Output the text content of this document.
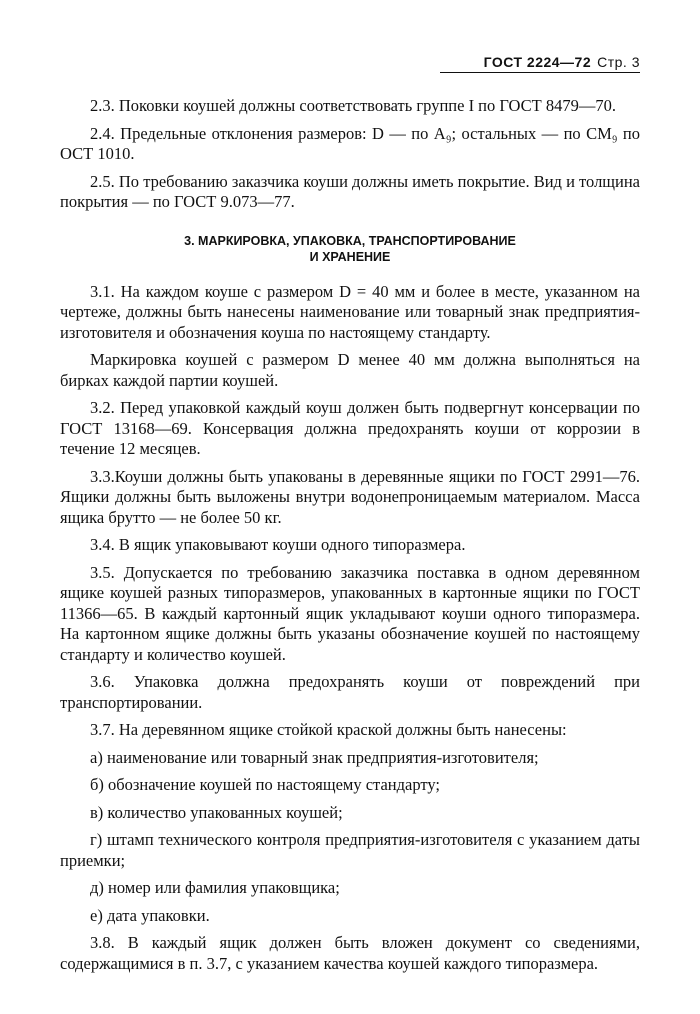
ГОСТ 2224—72 Стр. 3

2.3. Поковки коушей должны соответствовать группе I по ГОСТ 8479—70.

2.4. Предельные отклонения размеров: D — по A₉; остальных — по CM₉ по ОСТ 1010.

2.5. По требованию заказчика коуши должны иметь покрытие. Вид и толщина покрытия — по ГОСТ 9.073—77.

3. МАРКИРОВКА, УПАКОВКА, ТРАНСПОРТИРОВАНИЕ
И ХРАНЕНИЕ

3.1. На каждом коуше с размером D = 40 мм и более в месте, указанном на чертеже, должны быть нанесены наименование или товарный знак предприятия-изготовителя и обозначения коуша по настоящему стандарту.

Маркировка коушей с размером D менее 40 мм должна выполняться на бирках каждой партии коушей.

3.2. Перед упаковкой каждый коуш должен быть подвергнут консервации по ГОСТ 13168—69. Консервация должна предохранять коуши от коррозии в течение 12 месяцев.

3.3.Коуши должны быть упакованы в деревянные ящики по ГОСТ 2991—76. Ящики должны быть выложены внутри водонепроницаемым материалом. Масса ящика брутто — не более 50 кг.

3.4. В ящик упаковывают коуши одного типоразмера.

3.5. Допускается по требованию заказчика поставка в одном деревянном ящике коушей разных типоразмеров, упакованных в картонные ящики по ГОСТ 11366—65. В каждый картонный ящик укладывают коуши одного типоразмера. На картонном ящике должны быть указаны обозначение коушей по настоящему стандарту и количество коушей.

3.6. Упаковка должна предохранять коуши от повреждений при транспортировании.

3.7. На деревянном ящике стойкой краской должны быть нанесены:

а) наименование или товарный знак предприятия-изготовителя;

б) обозначение коушей по настоящему стандарту;

в) количество упакованных коушей;

г) штамп технического контроля предприятия-изготовителя с указанием даты приемки;

д) номер или фамилия упаковщика;

е) дата упаковки.

3.8. В каждый ящик должен быть вложен документ со сведениями, содержащимися в п. 3.7, с указанием качества коушей каждого типоразмера.
